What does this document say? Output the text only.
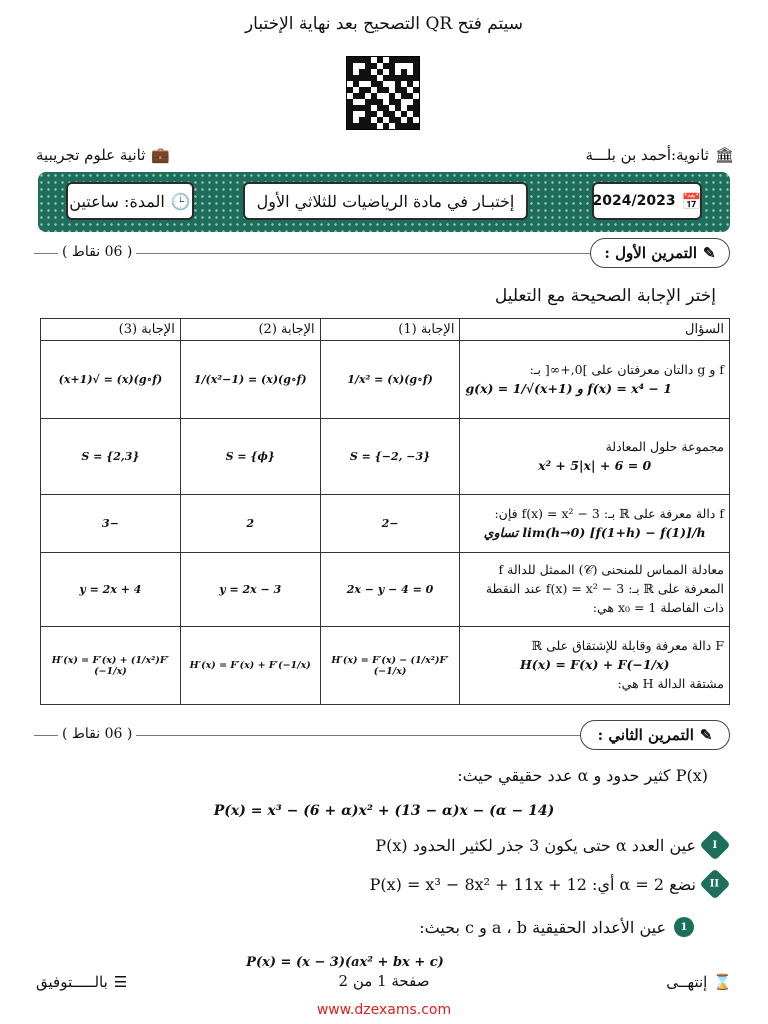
سيتم فتح QR التصحيح بعد نهاية الإختبار
🏛
ثانوية:أحمد بن بلـــة
💼
ثانية علوم تجريبية
2024/2023 📅
إختبـار في مادة الرياضيات للثلاثي الأول
🕒
المدة: ساعتين
✎
التمرين الأول :
( 06 نقاط )
إختر الإجابة الصحيحة مع التعليل
السؤال	الإجابة (1)	الإجابة (2)	الإجابة (3)

f و g دالتان معرفتان على ]0,+∞[ بـ:
g(x) = 1/√(x+1) و f(x) = x⁴ − 1	(g∘f)(x) = 1/x²	(g∘f)(x) = 1/(x²−1)	(g∘f)(x) = √(x+1)

مجموعة حلول المعادلة
x² + 5|x| + 6 = 0	S = {−2, −3}	S = {ϕ}	S = {2,3}

f دالة معرفة على ℝ بـ: f(x) = x² − 3 فإن:
lim(h→0) [f(1+h) − f(1)]/h تساوي	−2	2	−3

معادلة المماس للمنحنى (𝒞) الممثل للدالة f
المعرفة على ℝ بـ: f(x) = x² − 3 عند النقطة
ذات الفاصلة x₀ = 1 هي:	2x − y − 4 = 0	y = 2x − 3	y = 2x + 4

F دالة معرفة وقابلة للإشتقاق على ℝ
H(x) = F(x) + F(−1/x)
مشتقة الدالة H هي:	H′(x) = F′(x) − (1/x²)F′(−1/x)	H′(x) = F′(x) + F′(−1/x)	H′(x) = F′(x) + (1/x²)F′(−1/x)
✎
التمرين الثاني :
( 06 نقاط )
P(x) كثير حدود و α عدد حقيقي حيث:
P(x) = x³ − (6 + α)x² + (13 − α)x − (α − 14)
I
عين العدد α حتى يكون 3 جذر لكثير الحدود P(x)
II
نضع α = 2 أي: P(x) = x³ − 8x² + 11x + 12
1
عين الأعداد الحقيقية a ، b و c بحيث:
P(x) = (x − 3)(ax² + bx + c)
☰
بالـــــتوفيق	صفحة 1 من 2	⌛
إنتهــى
www.dzexams.com
